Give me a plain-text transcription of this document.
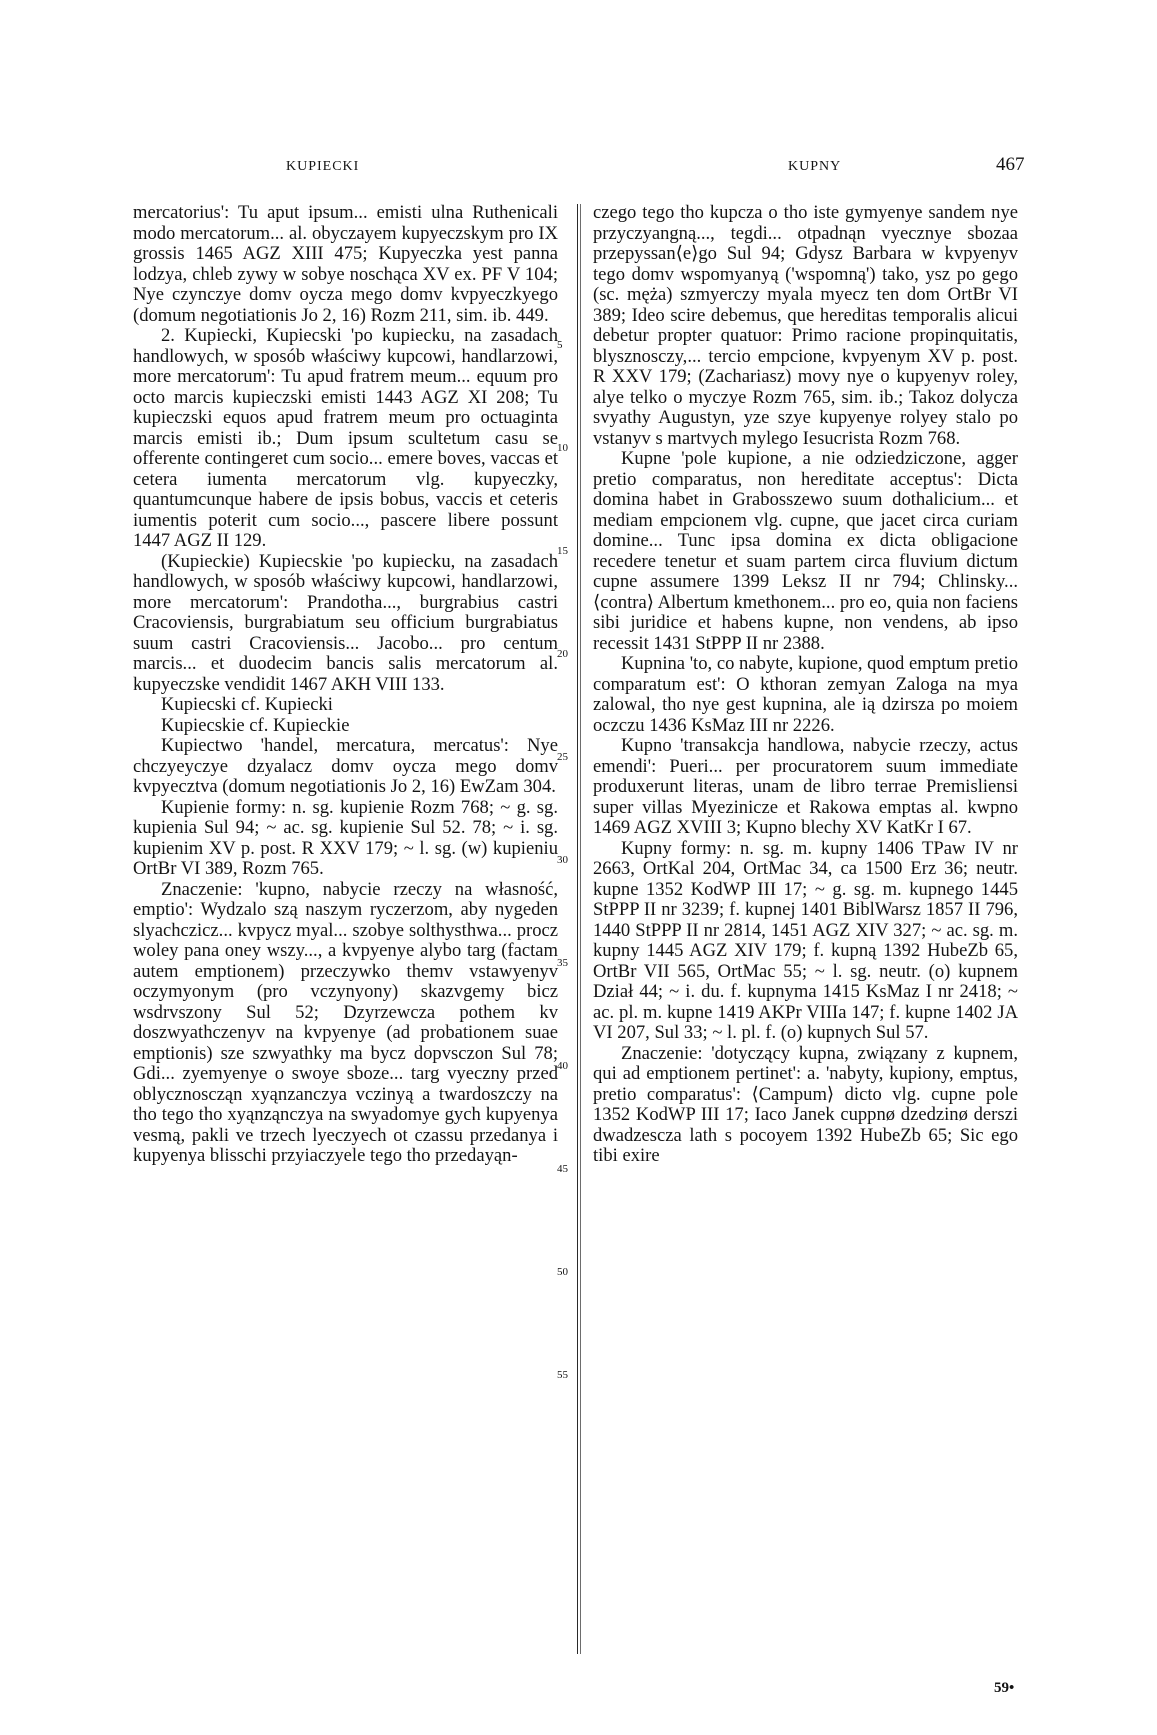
KUPIECKI	KUPNY	467

mercatorius': Tu aput ipsum... emisti ulna Ruthenicali modo mercatorum... al. obyczayem kupyeczskym pro IX grossis 1465 AGZ XIII 475; Kupyeczka yest panna lodzya, chleb zywy w sobye noschąca XV ex. PF V 104; Nye czynczye domv oycza mego domv kvpyeczkyego (domum negotiationis Jo 2, 16) Rozm 211, sim. ib. 449.

2. Kupiecki, Kupiecski 'po kupiecku, na zasadach handlowych, w sposób właściwy kupcowi, handlarzowi, more mercatorum': Tu apud fratrem meum... equum pro octo marcis kupieczski emisti 1443 AGZ XI 208; Tu kupieczski equos apud fratrem meum pro octuaginta marcis emisti ib.; Dum ipsum scultetum casu se offerente contingeret cum socio... emere boves, vaccas et cetera iumenta mercatorum vlg. kupyeczky, quantumcunque habere de ipsis bobus, vaccis et ceteris iumentis poterit cum socio..., pascere libere possunt 1447 AGZ II 129.

(Kupieckie) Kupiecskie 'po kupiecku, na zasadach handlowych, w sposób właściwy kupcowi, handlarzowi, more mercatorum': Prandotha..., burgrabius castri Cracoviensis, burgrabiatum seu officium burgrabiatus suum castri Cracoviensis... Jacobo... pro centum marcis... et duodecim bancis salis mercatorum al. kupyeczske vendidit 1467 AKH VIII 133.

Kupiecski cf. Kupiecki

Kupiecskie cf. Kupieckie

Kupiectwo 'handel, mercatura, mercatus': Nye chczyeyczye dzyalacz domv oycza mego domv kvpyecztva (domum negotiationis Jo 2, 16) EwZam 304.

Kupienie formy: n. sg. kupienie Rozm 768; ~ g. sg. kupienia Sul 94; ~ ac. sg. kupienie Sul 52. 78; ~ i. sg. kupienim XV p. post. R XXV 179; ~ l. sg. (w) kupieniu OrtBr VI 389, Rozm 765.

Znaczenie: 'kupno, nabycie rzeczy na własność, emptio': Wydzalo szą naszym ryczerzom, aby nygeden slyachczicz... kvpycz myal... szobye solthysthwa... procz woley pana oney wszy..., a kvpyenye alybo targ (factam autem emptionem) przeczywko themv vstawyenyv oczymyonym (pro vczynyony) skazvgemy bicz wsdrvszony Sul 52; Dzyrzewcza pothem kv doszwyathczenyv na kvpyenye (ad probationem suae emptionis) sze szwyathky ma bycz dopvsczon Sul 78; Gdi... zyemyenye o swoye sboze... targ vyeczny przed oblycznoscząn xyąnzanczya vczinyą a twardoszczy na tho tego tho xyąnząnczya na swyadomye gych kupyenya vesmą, pakli ve trzech lyeczyech ot czassu przedanya i kupyenya blisschi przyiaczyele tego tho przedayąn-

5
10
15
20
25
30
35
40
45
50
55

czego tego tho kupcza o tho iste gymyenye sandem nye przyczyangną..., tegdi... otpadnąn vyecznye sbozaa przepyssan⟨e⟩go Sul 94; Gdysz Barbara w kvpyenyv tego domv wspomyanyą ('wspomną') tako, ysz po gego (sc. męża) szmyerczy myala myecz ten dom OrtBr VI 389; Ideo scire debemus, que hereditas temporalis alicui debetur propter quatuor: Primo racione propinquitatis, blysznosczy,... tercio empcione, kvpyenym XV p. post. R XXV 179; (Zachariasz) movy nye o kupyenyv roley, alye telko o myczye Rozm 765, sim. ib.; Takoz dolycza svyathy Augustyn, yze szye kupyenye rolyey stalo po vstanyv s martvych mylego Iesucrista Rozm 768.

Kupne 'pole kupione, a nie odziedziczone, agger pretio comparatus, non hereditate acceptus': Dicta domina habet in Grabosszewo suum dothalicium... et mediam empcionem vlg. cupne, que jacet circa curiam domine... Tunc ipsa domina ex dicta obligacione recedere tenetur et suam partem circa fluvium dictum cupne assumere 1399 Leksz II nr 794; Chlinsky... ⟨contra⟩ Albertum kmethonem... pro eo, quia non faciens sibi juridice et habens kupne, non vendens, ab ipso recessit 1431 StPPP II nr 2388.

Kupnina 'to, co nabyte, kupione, quod emptum pretio comparatum est': O kthoran zemyan Zaloga na mya zalowal, tho nye gest kupnina, ale ią dzirsza po moiem oczczu 1436 KsMaz III nr 2226.

Kupno 'transakcja handlowa, nabycie rzeczy, actus emendi': Pueri... per procuratorem suum immediate produxerunt literas, unam de libro terrae Premisliensi super villas Myezinicze et Rakowa emptas al. kwpno 1469 AGZ XVIII 3; Kupno blechy XV KatKr I 67.

Kupny formy: n. sg. m. kupny 1406 TPaw IV nr 2663, OrtKal 204, OrtMac 34, ca 1500 Erz 36; neutr. kupne 1352 KodWP III 17; ~ g. sg. m. kupnego 1445 StPPP II nr 3239; f. kupnej 1401 BiblWarsz 1857 II 796, 1440 StPPP II nr 2814, 1451 AGZ XIV 327; ~ ac. sg. m. kupny 1445 AGZ XIV 179; f. kupną 1392 HubeZb 65, OrtBr VII 565, OrtMac 55; ~ l. sg. neutr. (o) kupnem Dział 44; ~ i. du. f. kupnyma 1415 KsMaz I nr 2418; ~ ac. pl. m. kupne 1419 AKPr VIIIa 147; f. kupne 1402 JA VI 207, Sul 33; ~ l. pl. f. (o) kupnych Sul 57.

Znaczenie: 'dotyczący kupna, związany z kupnem, qui ad emptionem pertinet': a. 'nabyty, kupiony, emptus, pretio comparatus': ⟨Campum⟩ dicto vlg. cupne pole 1352 KodWP III 17; Iaco Janek cuppnø dzedzinø derszi dwadzescza lath s pocoyem 1392 HubeZb 65; Sic ego tibi exire

59•
